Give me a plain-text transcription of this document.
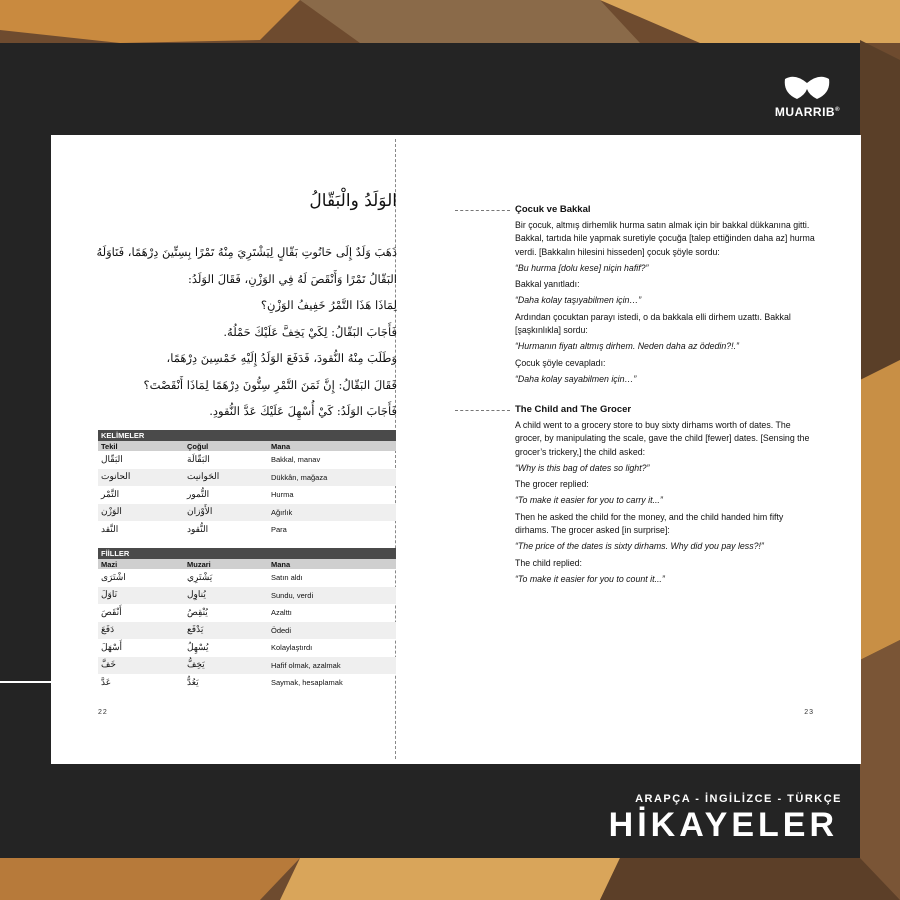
MUARRIB®
ARAPÇA - İNGİLİZCE - TÜRKÇE
HİKAYELER
الوَلَدُ والْبَقّالُ

ذَهَبَ وَلَدٌ إِلَى حَانُوتِ بَقّالٍ لِيَشْتَرِيَ مِنْهُ تَمْرًا بِسِتِّينَ دِرْهَمًا، فَنَاوَلَهُ البَقّالُ تَمْرًا وَأَنْقَصَ لَهُ فِي الوَزْنِ، فَقَالَ الوَلَدُ:

لِمَاذَا هَذَا التَّمْرُ خَفِيفُ الوَزْنِ؟

فَأَجَابَ البَقّالُ: لِكَيْ يَخِفَّ عَلَيْكَ حَمْلُهُ.

وَطَلَبَ مِنْهُ النُّقودَ، فَدَفَعَ الوَلَدُ إِلَيْهِ خَمْسِينَ دِرْهَمًا،

فَقَالَ البَقّالُ: إِنَّ ثَمَنَ التَّمْرِ سِتُّونَ دِرْهَمًا لِمَاذَا أَنْقَصْتَ؟

فَأَجَابَ الوَلَدُ: كَيْ أُسْهِلَ عَلَيْكَ عَدَّ النُّقودِ.

KELİMELER		
Tekil	Çoğul	Mana
البَقّال	البَقّالَة	Bakkal, manav
الحانوت	الحَوانيت	Dükkân, mağaza
التَّمْر	التُّمور	Hurma
الوَزْن	الأَوْزان	Ağırlık
النَّقد	النُّقود	Para
FİİLLER		
Mazi	Muzari	Mana
اشْتَرَى	يَشْتَرِي	Satın aldı
نَاوَلَ	يُناوِل	Sundu, verdi
أَنْقَصَ	يُنْقِصُ	Azalttı
دَفَعَ	يَدْفَع	Ödedi
أَسْهَلَ	يُسْهِلُ	Kolaylaştırdı
خَفَّ	يَخِفُّ	Hafif olmak, azalmak
عَدَّ	يَعُدُّ	Saymak, hesaplamak
22	23
Çocuk ve Bakkal

Bir çocuk, altmış dirhemlik hurma satın almak için bir bakkal dükkanına gitti. Bakkal, tartıda hile yapmak suretiyle çocuğa [talep ettiğinden daha az] hurma verdi. [Bakkalın hilesini hisseden] çocuk şöyle sordu:

“Bu hurma [dolu kese] niçin hafif?”

Bakkal yanıtladı:

“Daha kolay taşıyabilmen için…”

Ardından çocuktan parayı istedi, o da bakkala elli dirhem uzattı. Bakkal [şaşkınlıkla] sordu:

“Hurmanın fiyatı altmış dirhem. Neden daha az ödedin?!.”

Çocuk şöyle cevapladı:

“Daha kolay sayabilmen için…”

The Child and The Grocer

A child went to a grocery store to buy sixty dirhams worth of dates. The grocer, by manipulating the scale, gave the child [fewer] dates. [Sensing the grocer’s trickery,] the child asked:

“Why is this bag of dates so light?”

The grocer replied:

“To make it easier for you to carry it...”

Then he asked the child for the money, and the child handed him fifty dirhams. The grocer asked [in surprise]:

“The price of the dates is sixty dirhams. Why did you pay less?!”

The child replied:

“To make it easier for you to count it...”
